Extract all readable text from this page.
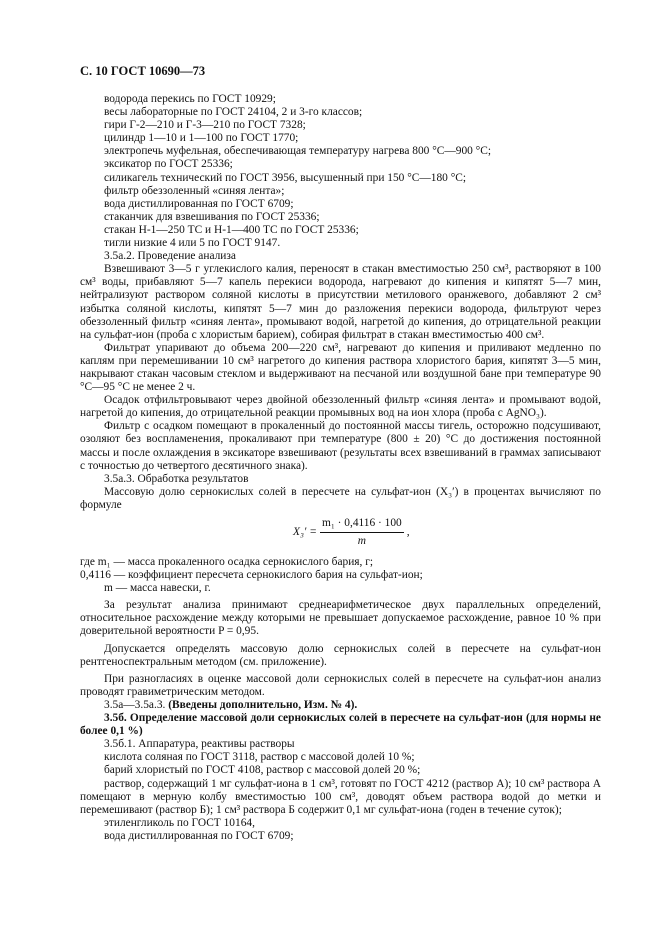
С. 10 ГОСТ 10690—73

водорода перекись по ГОСТ 10929;

весы лабораторные по ГОСТ 24104, 2 и 3-го классов;

гири Г-2—210 и Г-3—210 по ГОСТ 7328;

цилиндр 1—10 и 1—100 по ГОСТ 1770;

электропечь муфельная, обеспечивающая температуру нагрева 800 °С—900 °С;

эксикатор по ГОСТ 25336;

силикагель технический по ГОСТ 3956, высушенный при 150 °С—180 °С;

фильтр обеззоленный «синяя лента»;

вода дистиллированная по ГОСТ 6709;

стаканчик для взвешивания по ГОСТ 25336;

стакан Н-1—250 ТС и Н-1—400 ТС по ГОСТ 25336;

тигли низкие 4 или 5 по ГОСТ 9147.

3.5а.2. Проведение анализа

Взвешивают 3—5 г углекислого калия, переносят в стакан вместимостью 250 см³, растворяют в 100 см³ воды, прибавляют 5—7 капель перекиси водорода, нагревают до кипения и кипятят 5—7 мин, нейтрализуют раствором соляной кислоты в присутствии метилового оранжевого, добавляют 2 см³ избытка соляной кислоты, кипятят 5—7 мин до разложения перекиси водорода, фильтруют через обеззоленный фильтр «синяя лента», промывают водой, нагретой до кипения, до отрицательной реакции на сульфат-ион (проба с хлористым барием), собирая фильтрат в стакан вместимостью 400 см³.

Фильтрат упаривают до объема 200—220 см³, нагревают до кипения и приливают медленно по каплям при перемешивании 10 см³ нагретого до кипения раствора хлористого бария, кипятят 3—5 мин, накрывают стакан часовым стеклом и выдерживают на песчаной или воздушной бане при температуре 90 °С—95 °С не менее 2 ч.

Осадок отфильтровывают через двойной обеззоленный фильтр «синяя лента» и промывают водой, нагретой до кипения, до отрицательной реакции промывных вод на ион хлора (проба с AgNO₃).

Фильтр с осадком помещают в прокаленный до постоянной массы тигель, осторожно подсушивают, озоляют без воспламенения, прокаливают при температуре (800 ± 20) °С до достижения постоянной массы и после охлаждения в эксикаторе взвешивают (результаты всех взвешиваний в граммах записывают с точностью до четвертого десятичного знака).

3.5а.3. Обработка результатов

Массовую долю сернокислых солей в пересчете на сульфат-ион (X₃′) в процентах вычисляют по формуле

$X_3' = \frac{\text{m₁ · 0,4116 · 100}}{m}$ ,

где m₁ — масса прокаленного осадка сернокислого бария, г;

0,4116 — коэффициент пересчета сернокислого бария на сульфат-ион;

m — масса навески, г.

За результат анализа принимают среднеарифметическое двух параллельных определений, относительное расхождение между которыми не превышает допускаемое расхождение, равное 10 % при доверительной вероятности P = 0,95.

Допускается определять массовую долю сернокислых солей в пересчете на сульфат-ион рентгеноспектральным методом (см. приложение).

При разногласиях в оценке массовой доли сернокислых солей в пересчете на сульфат-ион анализ проводят гравиметрическим методом.

3.5а—3.5а.3. (Введены дополнительно, Изм. № 4).

3.5б. Определение массовой доли сернокислых солей в пересчете на сульфат-ион (для нормы не более 0,1 %)

3.5б.1. Аппаратура, реактивы растворы

кислота соляная по ГОСТ 3118, раствор с массовой долей 10 %;

барий хлористый по ГОСТ 4108, раствор с массовой долей 20 %;

раствор, содержащий 1 мг сульфат-иона в 1 см³, готовят по ГОСТ 4212 (раствор А); 10 см³ раствора А помещают в мерную колбу вместимостью 100 см³, доводят объем раствора водой до метки и перемешивают (раствор Б); 1 см³ раствора Б содержит 0,1 мг сульфат-иона (годен в течение суток);

этиленгликоль по ГОСТ 10164,

вода дистиллированная по ГОСТ 6709;
